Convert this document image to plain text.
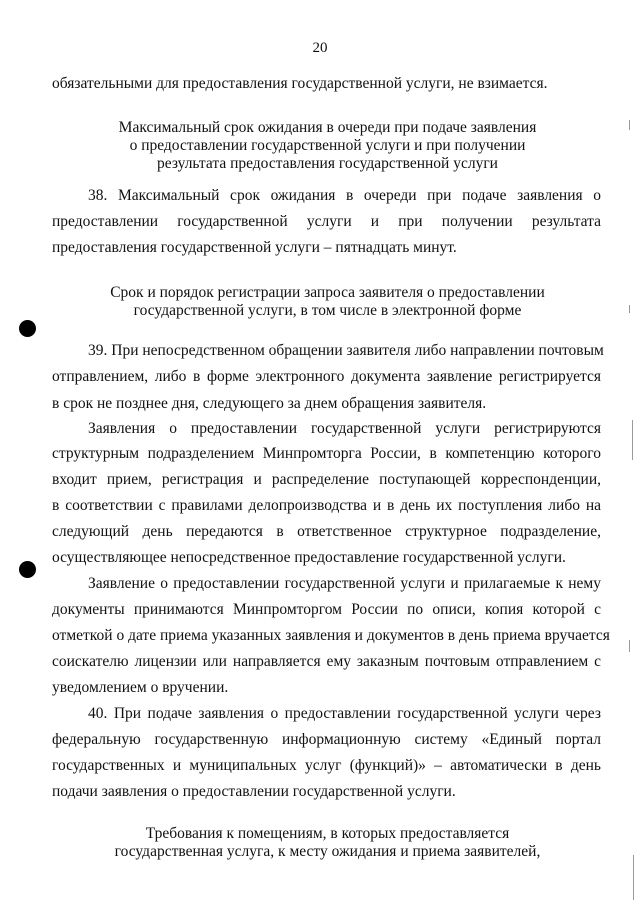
20
обязательными для предоставления государственной услуги, не взимается.
Максимальный срок ожидания в очереди при подаче заявления
о предоставлении государственной услуги и при получении
результата предоставления государственной услуги
38. Максимальный срок ожидания в очереди при подаче заявления о
предоставлении государственной услуги и при получении результата
предоставления государственной услуги – пятнадцать минут.
Срок и порядок регистрации запроса заявителя о предоставлении
государственной услуги, в том числе в электронной форме
39. При непосредственном обращении заявителя либо направлении почтовым
отправлением, либо в форме электронного документа заявление регистрируется
в срок не позднее дня, следующего за днем обращения заявителя.
Заявления о предоставлении государственной услуги регистрируются
структурным подразделением Минпромторга России, в компетенцию которого
входит прием, регистрация и распределение поступающей корреспонденции,
в соответствии с правилами делопроизводства и в день их поступления либо на
следующий день передаются в ответственное структурное подразделение,
осуществляющее непосредственное предоставление государственной услуги.
Заявление о предоставлении государственной услуги и прилагаемые к нему
документы принимаются Минпромторгом России по описи, копия которой с
отметкой о дате приема указанных заявления и документов в день приема вручается
соискателю лицензии или направляется ему заказным почтовым отправлением с
уведомлением о вручении.
40. При подаче заявления о предоставлении государственной услуги через
федеральную государственную информационную систему «Единый портал
государственных и муниципальных услуг (функций)» – автоматически в день
подачи заявления о предоставлении государственной услуги.
Требования к помещениям, в которых предоставляется
государственная услуга, к месту ожидания и приема заявителей,
